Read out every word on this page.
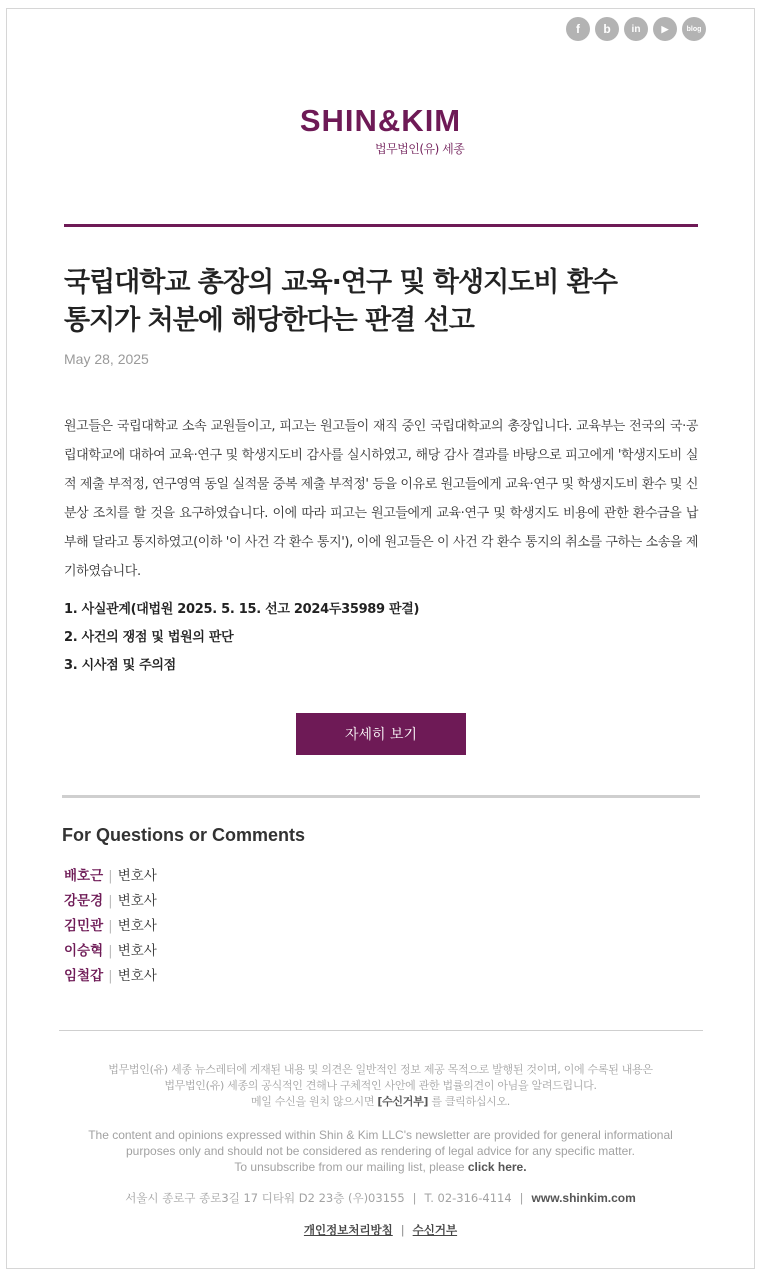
f	b	in	▶	blog
SHIN&KIM
법무법인(유) 세종
국립대학교 총장의 교육·연구 및 학생지도비 환수
통지가 처분에 해당한다는 판결 선고
May 28, 2025

원고들은 국립대학교 소속 교원들이고, 피고는 원고들이 재직 중인 국립대학교의 총장입니다. 교육부는 전국의 국·공립대학교에 대하여 교육·연구 및 학생지도비 감사를 실시하였고, 해당 감사 결과를 바탕으로 피고에게 '학생지도비 실적 제출 부적정, 연구영역 동일 실적물 중복 제출 부적정' 등을 이유로 원고들에게 교육·연구 및 학생지도비 환수 및 신분상 조치를 할 것을 요구하였습니다. 이에 따라 피고는 원고들에게 교육·연구 및 학생지도 비용에 관한 환수금을 납부해 달라고 통지하였고(이하 '이 사건 각 환수 통지'), 이에 원고들은 이 사건 각 환수 통지의 취소를 구하는 소송을 제기하였습니다.

1. 사실관계(대법원 2025. 5. 15. 선고 2024두35989 판결)
2. 사건의 쟁점 및 법원의 판단
3. 시사점 및 주의점
자세히 보기
For Questions or Comments
배호근 | 변호사
강문경 | 변호사
김민관 | 변호사
이승혁 | 변호사
임철갑 | 변호사
법무법인(유) 세종 뉴스레터에 게재된 내용 및 의견은 일반적인 정보 제공 목적으로 발행된 것이며, 이에 수록된 내용은
법무법인(유) 세종의 공식적인 견해나 구체적인 사안에 관한 법률의견이 아님을 알려드립니다.
메일 수신을 원치 않으시면 [수신거부] 를 클릭하십시오.
The content and opinions expressed within Shin & Kim LLC's newsletter are provided for general informational
purposes only and should not be considered as rendering of legal advice for any specific matter.
To unsubscribe from our mailing list, please click here.
서울시 종로구 종로3길 17 디타워 D2 23층 (우)03155 | T. 02-316-4114 | www.shinkim.com
개인정보처리방침 | 수신거부
